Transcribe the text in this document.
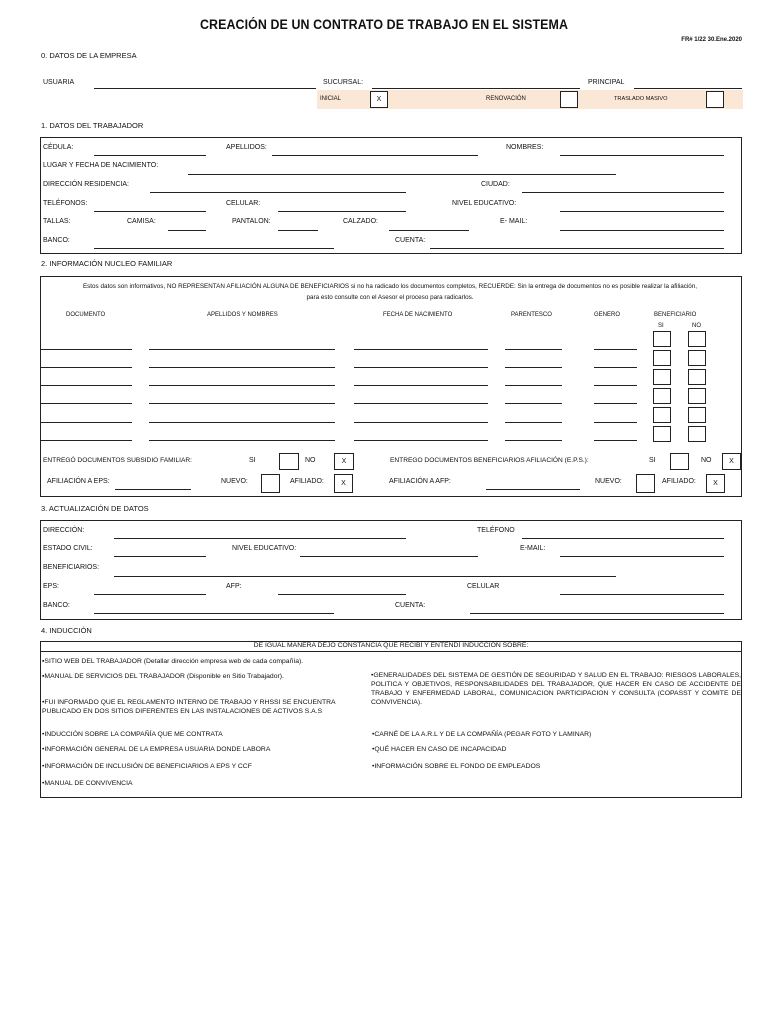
CREACIÓN DE UN CONTRATO DE TRABAJO EN EL SISTEMA
FR# 1/22 30.Ene.2020
0. DATOS DE LA EMPRESA
USUARIA	SUCURSAL:	PRINCIPAL
INICIAL	X	RENOVACIÓN	TRASLADO MASIVO
1. DATOS DEL TRABAJADOR
CÉDULA:	APELLIDOS:	NOMBRES:
LUGAR Y FECHA DE NACIMIENTO:
DIRECCIÓN RESIDENCIA:	CIUDAD:
TELÉFONOS:	CELULAR:	NIVEL EDUCATIVO:
TALLAS:	CAMISA:	PANTALON:	CALZADO:	E- MAIL:
BANCO:	CUENTA:
2. INFORMACIÓN NUCLEO FAMILIAR
Estos datos son informativos, NO REPRESENTAN AFILIACIÓN ALGUNA DE BENEFICIARIOS si no ha radicado los documentos completos, RECUERDE: Sin la entrega de documentos no es posible realizar la afiliación,
para esto consulte con el Asesor el proceso para radicarlos.
DOCUMENTO	APELLIDOS Y NOMBRES	FECHA DE NACIMIENTO	PARENTESCO	GENERO	BENEFICIARIO
SI	NO
ENTREGÓ DOCUMENTOS SUBSIDIO FAMILIAR:	SI	NO	X	ENTREGO DOCUMENTOS BENEFICIARIOS AFILIACIÓN (E.P.S.):	SI	NO	X
AFILIACIÓN A EPS:	NUEVO:	AFILIADO:	X	AFILIACIÓN A AFP:	NUEVO:	AFILIADO:	X
3. ACTUALIZACIÓN DE DATOS
DIRECCIÓN:	TELÉFONO
ESTADO CIVIL:	NIVEL EDUCATIVO:	E-MAIL:
BENEFICIARIOS:
EPS:	AFP:	CELULAR
BANCO:	CUENTA:
4. INDUCCIÓN
DE IGUAL MANERA DEJO CONSTANCIA QUE RECIBÍ Y ENTENDÍ INDUCCIÓN SOBRE:
▪SITIO WEB DEL TRABAJADOR (Detallar dirección empresa web de cada compañía).
▪MANUAL DE SERVICIOS DEL TRABAJADOR (Disponible en Sitio Trabajador).
•FUI INFORMADO QUE EL REGLAMENTO INTERNO DE TRABAJO Y RHSSI SE ENCUENTRA PUBLICADO EN DOS SITIOS DIFERENTES EN LAS INSTALACIONES DE ACTIVOS S.A.S
•GENERALIDADES DEL SISTEMA DE GESTIÓN DE SEGURIDAD Y SALUD EN EL TRABAJO: RIESGOS LABORALES, POLITICA Y OBJETIVOS, RESPONSABILIDADES DEL TRABAJADOR, QUE HACER EN CASO DE ACCIDENTE DE TRABAJO Y ENFERMEDAD LABORAL, COMUNICACION PARTICIPACION Y CONSULTA (COPASST Y COMITE DE CONVIVENCIA).
•INDUCCIÓN SOBRE LA COMPAÑÍA QUE ME CONTRATA	•CARNÉ DE LA A.R.L Y DE LA COMPAÑÍA (PEGAR FOTO Y LAMINAR)
•INFORMACIÓN GENERAL DE LA EMPRESA USUARIA DONDE LABORA	•QUÉ HACER EN CASO DE INCAPACIDAD
•INFORMACIÓN DE INCLUSIÓN DE BENEFICIARIOS A EPS Y CCF	•INFORMACIÓN SOBRE EL FONDO DE EMPLEADOS
•MANUAL DE CONVIVENCIA
